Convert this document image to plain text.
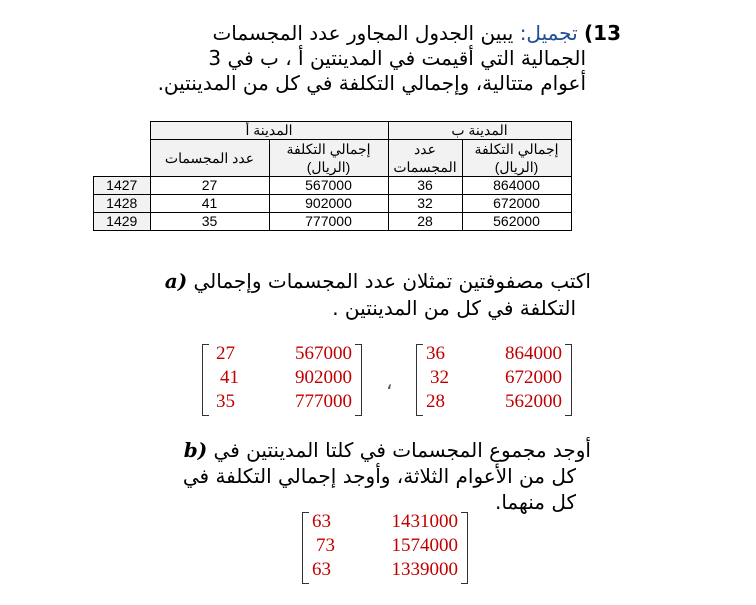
13) تجميل: يبين الجدول المجاور عدد المجسمات
الجمالية التي أقيمت في المدينتين أ ، ب في 3
أعوام متتالية، وإجمالي التكلفة في كل من المدينتين.
	المدينة أ		المدينة ب	
	عدد المجسمات	إجمالي التكلفة (الريال)	عدد المجسمات	إجمالي التكلفة (الريال)
1427	27	567000	36	864000
1428	41	902000	32	672000
1429	35	777000	28	562000
a) اكتب مصفوفتين تمثلان عدد المجسمات وإجمالي
التكلفة في كل من المدينتين .
27	567000
41	902000
35	777000
،
36	864000
32	672000
28	562000
b) أوجد مجموع المجسمات في كلتا المدينتين في
كل من الأعوام الثلاثة، وأوجد إجمالي التكلفة في
كل منهما.
63	1431000
73	1574000
63	1339000
